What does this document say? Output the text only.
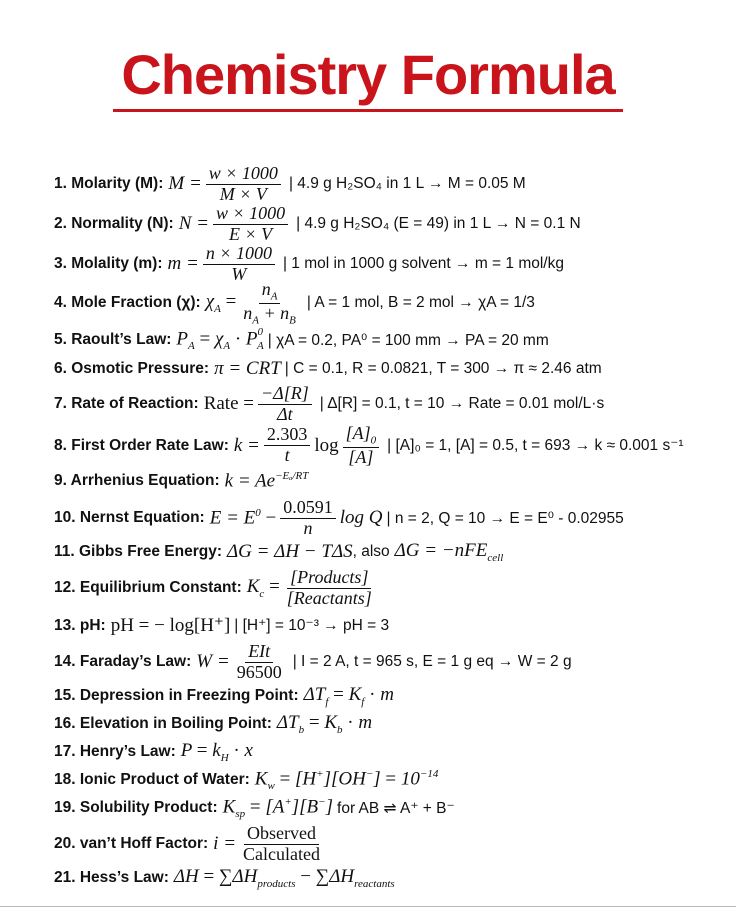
Chemistry Formula
1. Molarity (M): $M = \frac{w \times 1000}{M \times V}$ | 4.9 g H₂SO₄ in 1 L → M = 0.05 M
2. Normality (N): $N = \frac{w \times 1000}{E \times V}$ | 4.9 g H₂SO₄ (E = 49) in 1 L → N = 0.1 N
3. Molality (m): $m = \frac{n \times 1000}{W}$ | 1 mol in 1000 g solvent → m = 1 mol/kg
4. Mole Fraction (χ): $\chi_A = \frac{n_A}{n_A + n_B}$ | A = 1 mol, B = 2 mol → χA = 1/3
5. Raoult’s Law: $P_A = \chi_A \cdot P^0_A$ | χA = 0.2, PA⁰ = 100 mm → PA = 20 mm
6. Osmotic Pressure: π = CRT | C = 0.1, R = 0.0821, T = 300 → π ≈ 2.46 atm
7. Rate of Reaction: Rate = $\frac{-\Delta[R]}{\Delta t}$ | Δ[R] = 0.1, t = 10 → Rate = 0.01 mol/L·s
8. First Order Rate Law: $k = \frac{2.303}{t}$ $\log \frac{[A]_0}{[A]}$ | [A]₀ = 1, [A] = 0.5, t = 693 → k ≈ 0.001 s⁻¹
9. Arrhenius Equation: $k = Ae^{-E_a/RT}$
10. Nernst Equation: $E = E^0 - \frac{0.0591}{n}$ log Q | n = 2, Q = 10 → E = E⁰ - 0.02955
11. Gibbs Free Energy: ΔG = ΔH − TΔS , also ΔG = −nFE$_{cell}$
12. Equilibrium Constant: $K_c = \frac{\text{[Products]}}{\text{[Reactants]}}$
13. pH: pH = − log[H⁺] | [H⁺] = 10⁻³ → pH = 3
14. Faraday’s Law: $W = \frac{\text{EIt}}{96500}$ | I = 2 A, t = 965 s, E = 1 g eq → W = 2 g
15. Depression in Freezing Point: $\Delta T_f = K_f \cdot m$
16. Elevation in Boiling Point: $\Delta T_b = K_b \cdot m$
17. Henry’s Law: $P = k_H \cdot x$
18. Ionic Product of Water: $K_w = [H^+][OH^-] = 10^{-14}$
19. Solubility Product: $K_{sp} = [A^+][B^-]$ for AB ⇌ A⁺ + B⁻
20. van’t Hoff Factor: $i = \frac{\text{Observed}}{\text{Calculated}}$
21. Hess’s Law: $\Delta H = \sum\Delta H_{products} - \sum\Delta H_{reactants}$
